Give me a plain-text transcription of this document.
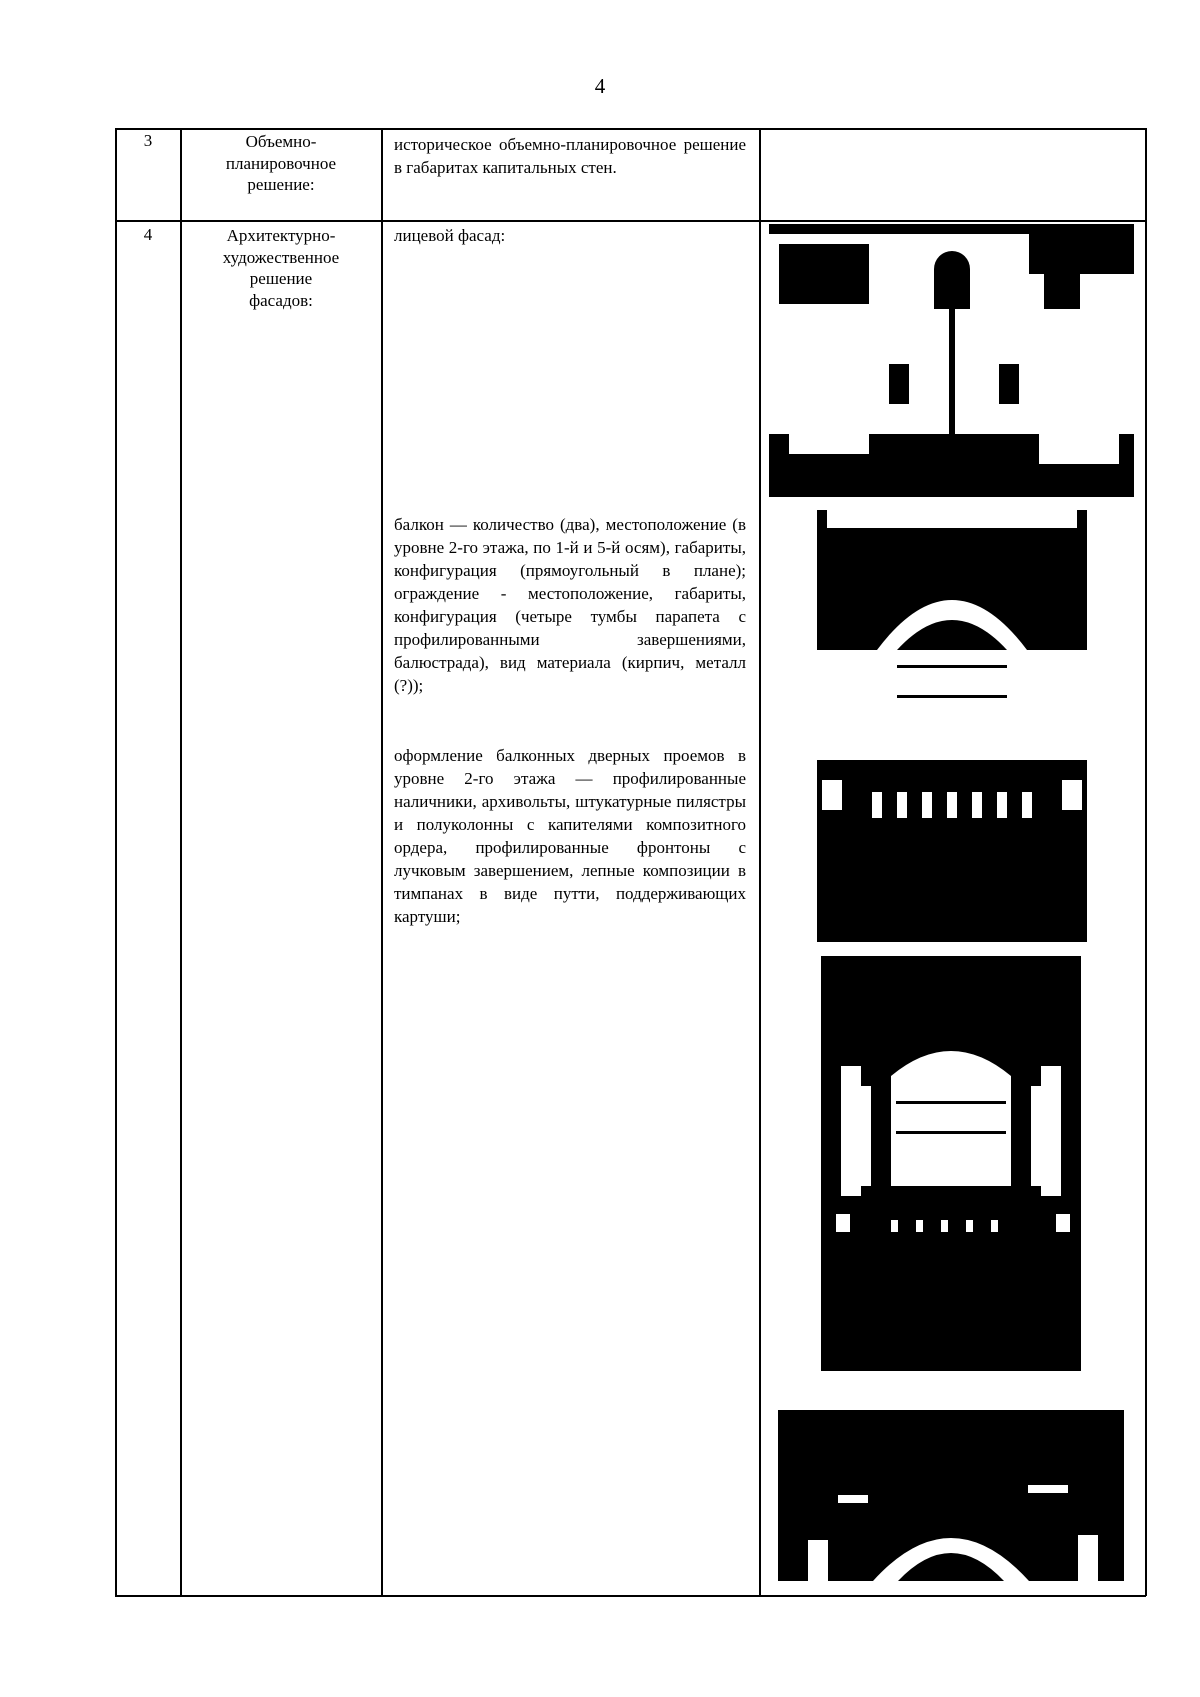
4
3	Объемно-
планировочное
решение:
историческое объемно-планировочное решение в габаритах капитальных стен.
4	Архитектурно-
художественное
решение
фасадов:
лицевой фасад:
балкон — количество (два), местоположение (в уровне 2-го этажа, по 1-й и 5-й осям), габариты, конфигурация (прямоугольный в плане); ограждение - местоположение, габариты, конфигурация (четыре тумбы парапета с профилированными завершениями, балюстрада), вид материала (кирпич, металл (?));
оформление балконных дверных проемов в уровне 2-го этажа — профилированные наличники, архивольты, штукатурные пилястры и полуколонны с капителями композитного ордера, профилированные фронтоны с лучковым завершением, лепные композиции в тимпанах в виде путти, поддерживающих картуши;
